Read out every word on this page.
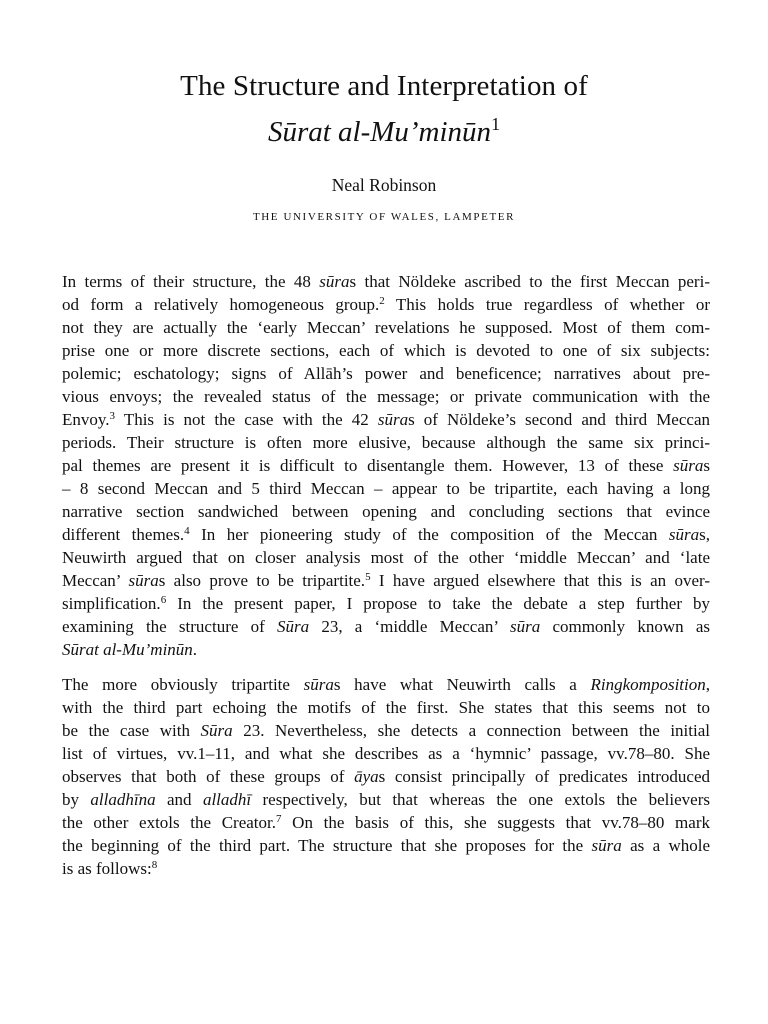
The Structure and Interpretation of
Sūrat al-Mu’minūn$^1$
Neal Robinson
THE UNIVERSITY OF WALES, LAMPETER

In terms of their structure, the 48 sūras that Nöldeke ascribed to the first Meccan peri-
od form a relatively homogeneous group.$^2$ This holds true regardless of whether or
not they are actually the ‘early Meccan’ revelations he supposed. Most of them com-
prise one or more discrete sections, each of which is devoted to one of six subjects:
polemic; eschatology; signs of Allāh’s power and beneficence; narratives about pre-
vious envoys; the revealed status of the message; or private communication with the
Envoy.$^3$ This is not the case with the 42 sūras of Nöldeke’s second and third Meccan
periods. Their structure is often more elusive, because although the same six princi-
pal themes are present it is difficult to disentangle them. However, 13 of these sūras
– 8 second Meccan and 5 third Meccan – appear to be tripartite, each having a long
narrative section sandwiched between opening and concluding sections that evince
different themes.$^4$ In her pioneering study of the composition of the Meccan sūras,
Neuwirth argued that on closer analysis most of the other ‘middle Meccan’ and ‘late
Meccan’ sūras also prove to be tripartite.$^5$ I have argued elsewhere that this is an over-
simplification.$^6$ In the present paper, I propose to take the debate a step further by
examining the structure of Sūra 23, a ‘middle Meccan’ sūra commonly known as
Sūrat al-Mu’minūn.

The more obviously tripartite sūras have what Neuwirth calls a Ringkomposition,
with the third part echoing the motifs of the first. She states that this seems not to
be the case with Sūra 23. Nevertheless, she detects a connection between the initial
list of virtues, vv.1–11, and what she describes as a ‘hymnic’ passage, vv.78–80. She
observes that both of these groups of āyas consist principally of predicates introduced
by alladhīna and alladhī respectively, but that whereas the one extols the believers
the other extols the Creator.$^7$ On the basis of this, she suggests that vv.78–80 mark
the beginning of the third part. The structure that she proposes for the sūra as a whole
is as follows:$^8$
